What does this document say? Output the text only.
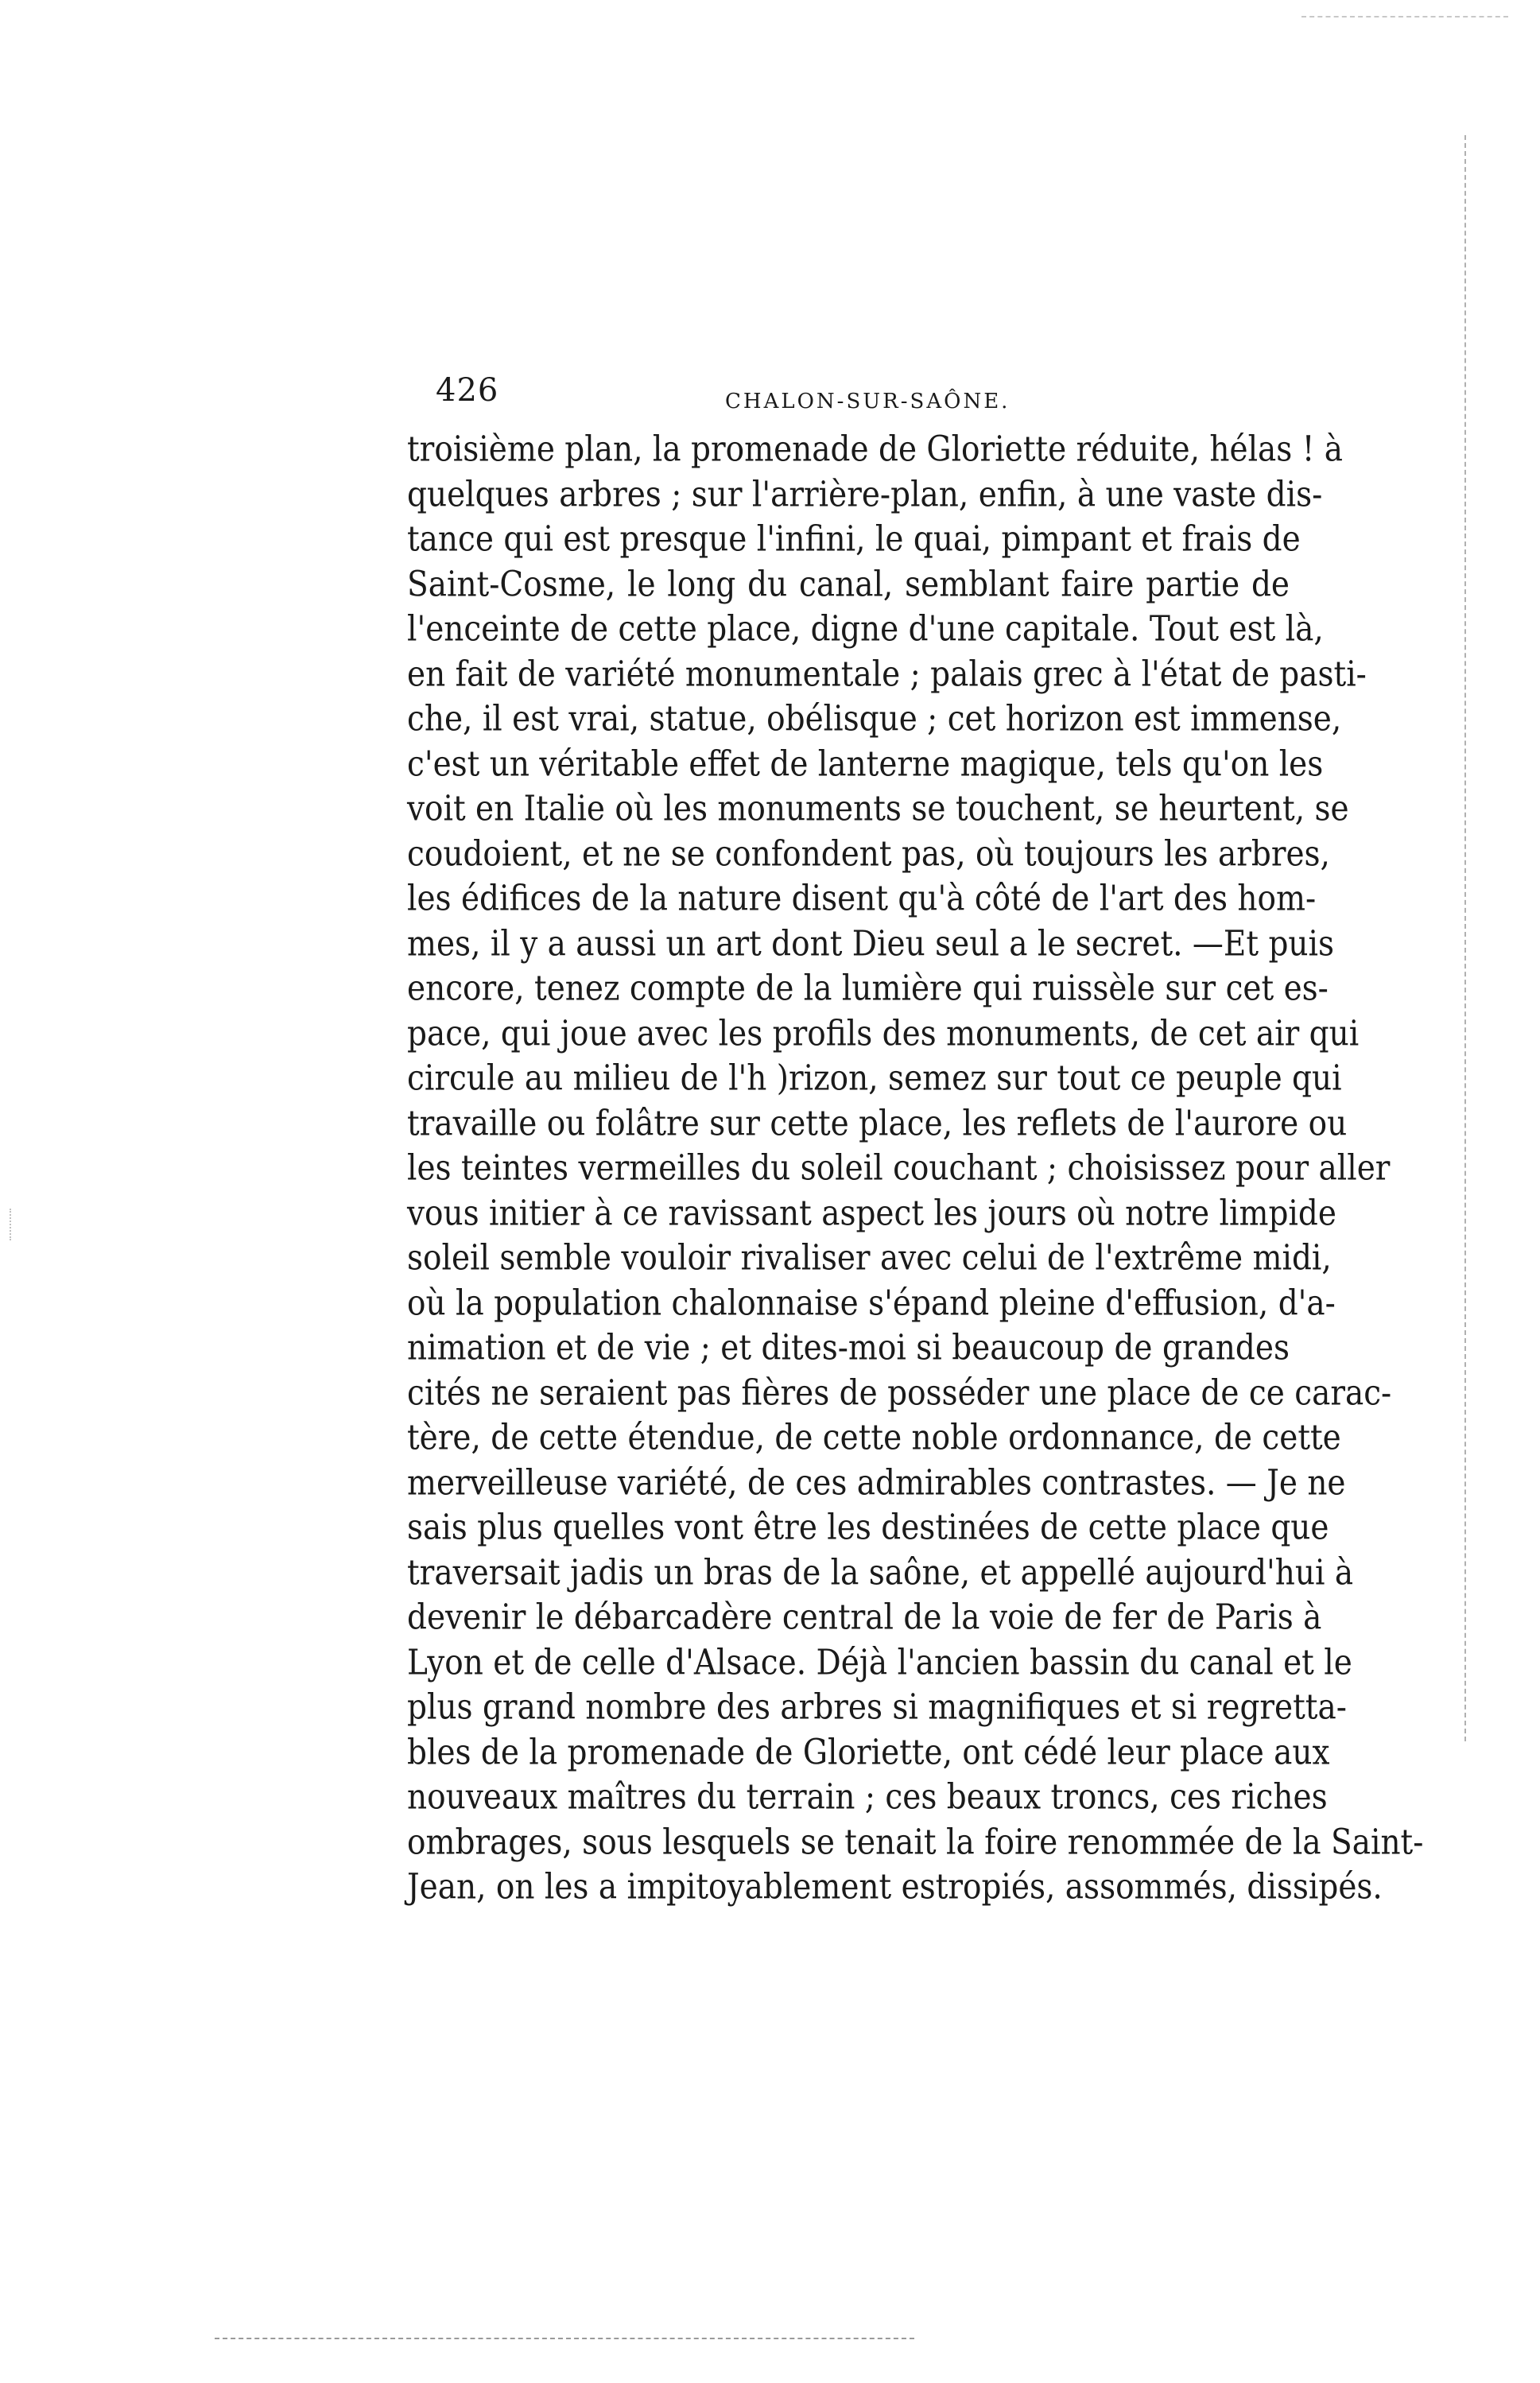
426	CHALON-SUR-SAÔNE.
troisième plan, la promenade de Gloriette réduite, hélas ! à
quelques arbres ; sur l'arrière-plan, enfin, à une vaste dis-
tance qui est presque l'infini, le quai, pimpant et frais de
Saint-Cosme, le long du canal, semblant faire partie de
l'enceinte de cette place, digne d'une capitale. Tout est là,
en fait de variété monumentale ; palais grec à l'état de pasti-
che, il est vrai, statue, obélisque ; cet horizon est immense,
c'est un véritable effet de lanterne magique, tels qu'on les
voit en Italie où les monuments se touchent, se heurtent, se
coudoient, et ne se confondent pas, où toujours les arbres,
les édifices de la nature disent qu'à côté de l'art des hom-
mes, il y a aussi un art dont Dieu seul a le secret. —Et puis
encore, tenez compte de la lumière qui ruissèle sur cet es-
pace, qui joue avec les profils des monuments, de cet air qui
circule au milieu de l'h )rizon, semez sur tout ce peuple qui
travaille ou folâtre sur cette place, les reflets de l'aurore ou
les teintes vermeilles du soleil couchant ; choisissez pour aller
vous initier à ce ravissant aspect les jours où notre limpide
soleil semble vouloir rivaliser avec celui de l'extrême midi,
où la population chalonnaise s'épand pleine d'effusion, d'a-
nimation et de vie ; et dites-moi si beaucoup de grandes
cités ne seraient pas fières de posséder une place de ce carac-
tère, de cette étendue, de cette noble ordonnance, de cette
merveilleuse variété, de ces admirables contrastes. — Je ne
sais plus quelles vont être les destinées de cette place que
traversait jadis un bras de la saône, et appellé aujourd'hui à
devenir le débarcadère central de la voie de fer de Paris à
Lyon et de celle d'Alsace. Déjà l'ancien bassin du canal et le
plus grand nombre des arbres si magnifiques et si regretta-
bles de la promenade de Gloriette, ont cédé leur place aux
nouveaux maîtres du terrain ; ces beaux troncs, ces riches
ombrages, sous lesquels se tenait la foire renommée de la Saint-
Jean, on les a impitoyablement estropiés, assommés, dissipés.
